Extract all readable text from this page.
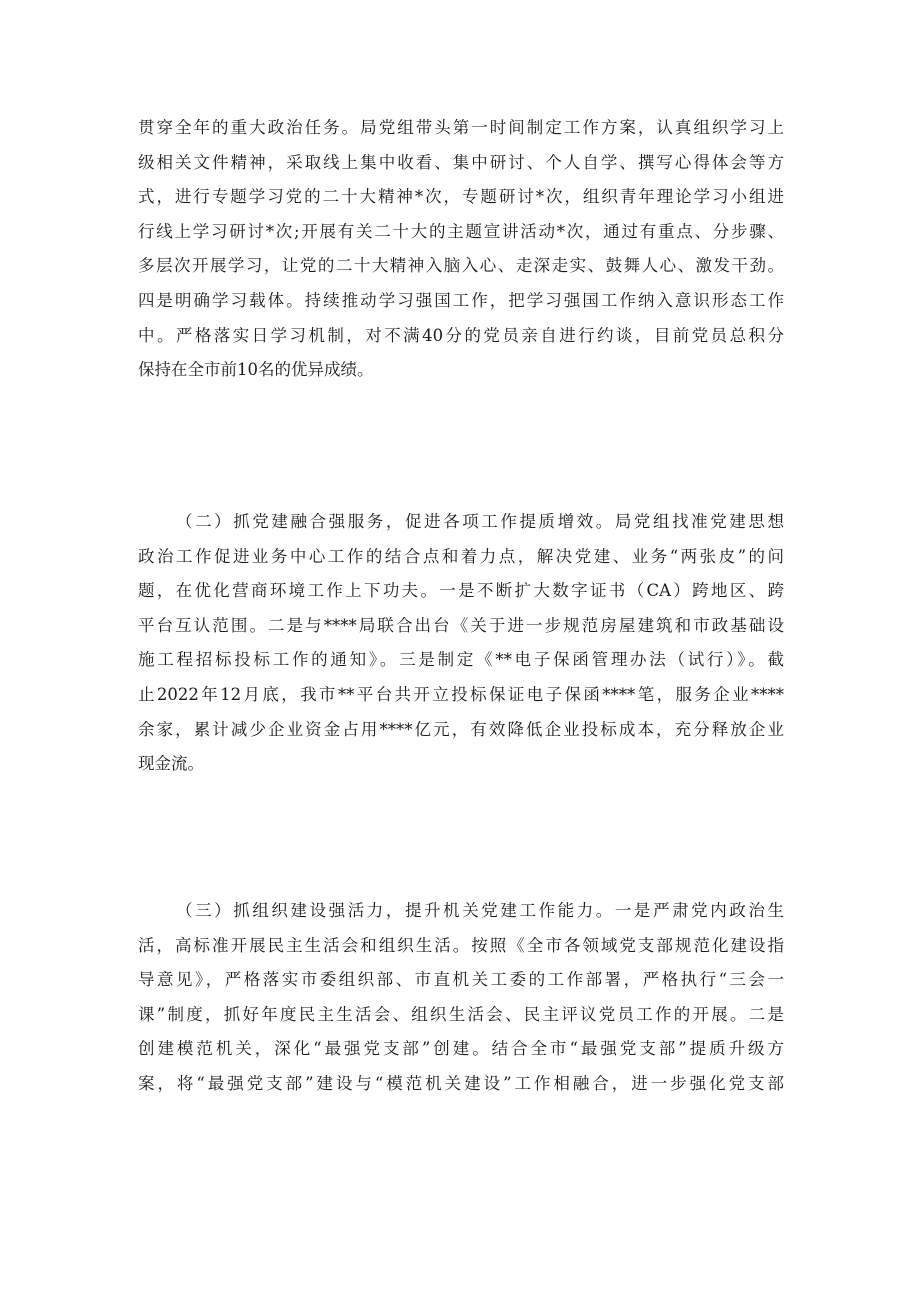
贯穿全年的重大政治任务。局党组带头第一时间制定工作方案，认真组织学习上

级相关文件精神，采取线上集中收看、集中研讨、个人自学、撰写心得体会等方

式，进行专题学习党的二十大精神*次，专题研讨*次，组织青年理论学习小组进

行线上学习研讨*次;开展有关二十大的主题宣讲活动*次，通过有重点、分步骤、

多层次开展学习，让党的二十大精神入脑入心、走深走实、鼓舞人心、激发干劲。

四是明确学习载体。持续推动学习强国工作，把学习强国工作纳入意识形态工作

中。严格落实日学习机制，对不满40分的党员亲自进行约谈，目前党员总积分

保持在全市前10名的优异成绩。

（二）抓党建融合强服务，促进各项工作提质增效。局党组找准党建思想

政治工作促进业务中心工作的结合点和着力点，解决党建、业务“两张皮”的问

题，在优化营商环境工作上下功夫。一是不断扩大数字证书（CA）跨地区、跨

平台互认范围。二是与****局联合出台《关于进一步规范房屋建筑和市政基础设

施工程招标投标工作的通知》。三是制定《**电子保函管理办法（试行）》。截

止2022年12月底，我市**平台共开立投标保证电子保函****笔，服务企业****

余家，累计减少企业资金占用****亿元，有效降低企业投标成本，充分释放企业

现金流。

（三）抓组织建设强活力，提升机关党建工作能力。一是严肃党内政治生

活，高标准开展民主生活会和组织生活。按照《全市各领域党支部规范化建设指

导意见》，严格落实市委组织部、市直机关工委的工作部署，严格执行“三会一

课”制度，抓好年度民主生活会、组织生活会、民主评议党员工作的开展。二是

创建模范机关，深化“最强党支部”创建。结合全市“最强党支部”提质升级方

案，将“最强党支部”建设与“模范机关建设”工作相融合，进一步强化党支部
